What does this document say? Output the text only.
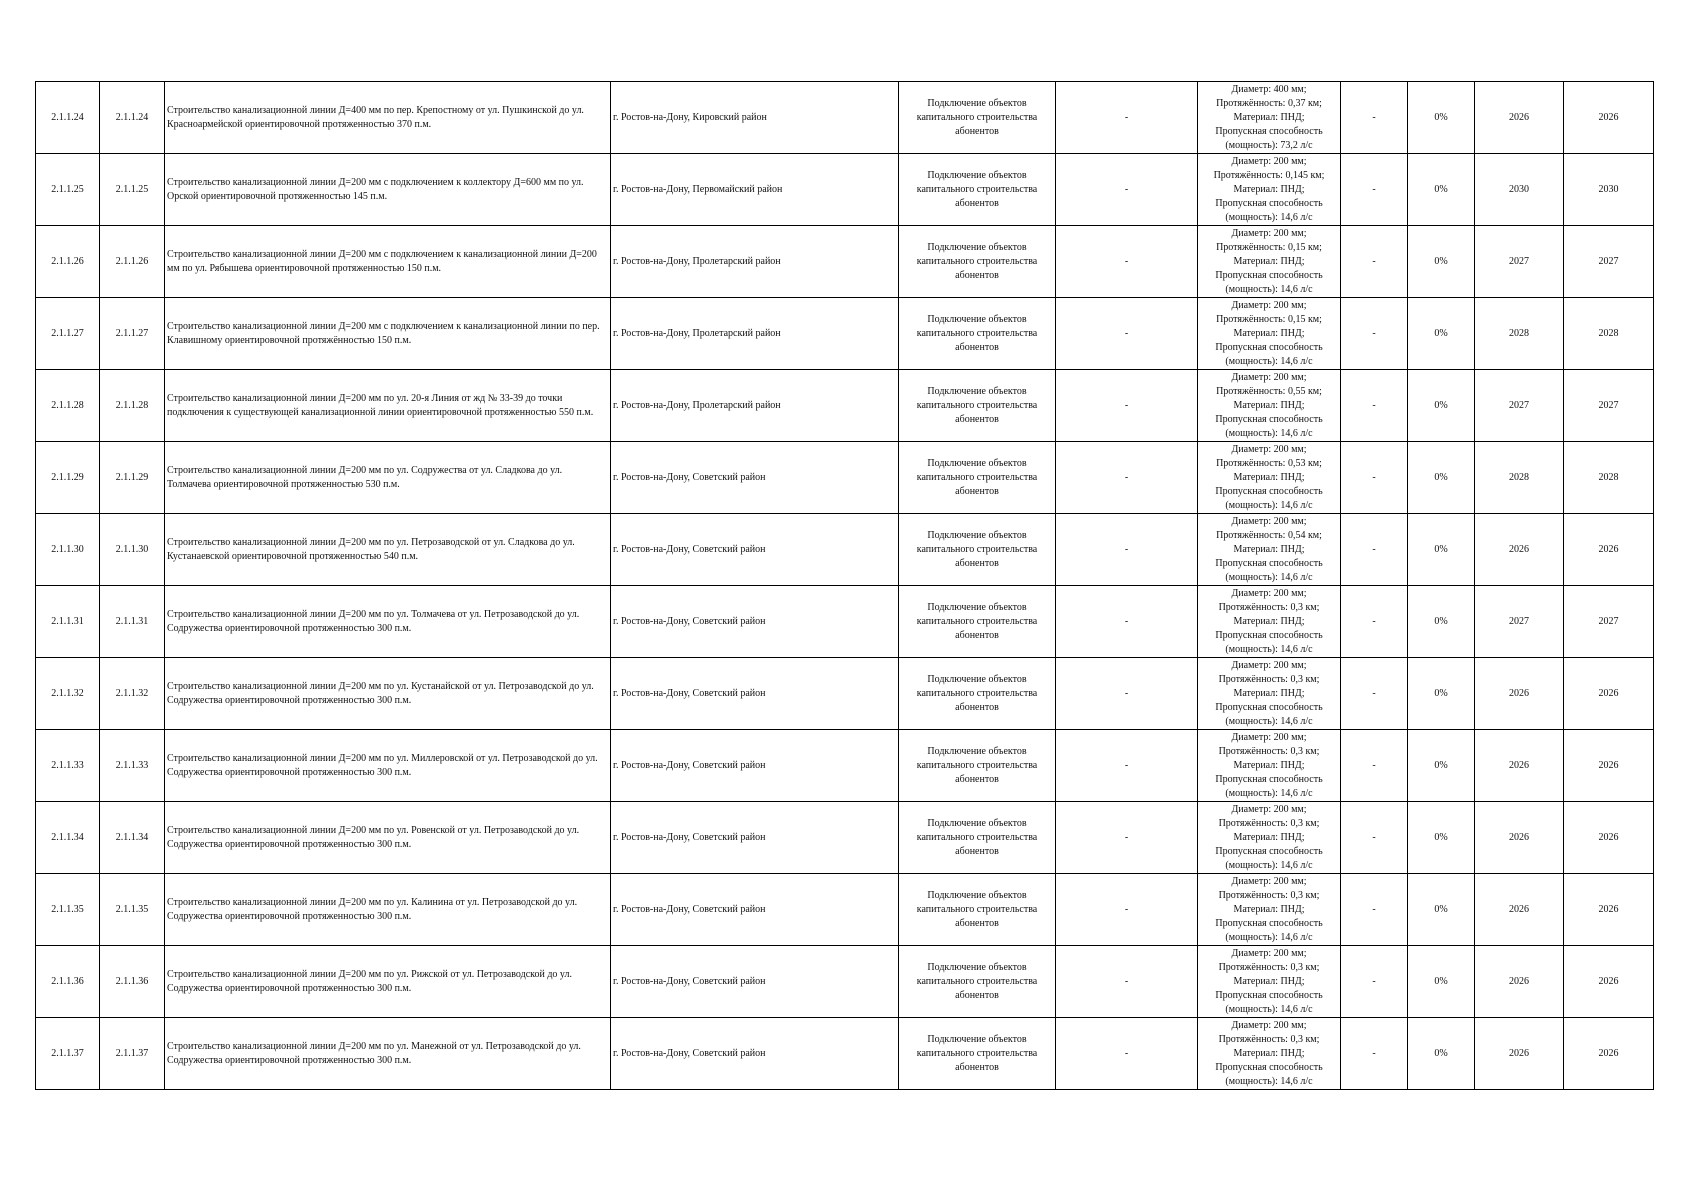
2.1.1.24	2.1.1.24	Строительство канализационной линии Д=400 мм по пер. Крепостному от ул. Пушкинской до ул. Красноармейской ориентировочной протяженностью 370 п.м.	г. Ростов-на-Дону, Кировский район	Подключение объектов капитального строительства абонентов	-	Диаметр: 400 мм;
Протяжённость: 0,37 км;
Материал: ПНД;
Пропускная способность
(мощность): 73,2 л/с	-	0%	2026	2026
2.1.1.25	2.1.1.25	Строительство канализационной линии Д=200 мм с подключением к коллектору Д=600 мм по ул. Орской ориентировочной протяженностью 145 п.м.	г. Ростов-на-Дону, Первомайский район	Подключение объектов капитального строительства абонентов	-	Диаметр: 200 мм;
Протяжённость: 0,145 км;
Материал: ПНД;
Пропускная способность
(мощность): 14,6 л/с	-	0%	2030	2030
2.1.1.26	2.1.1.26	Строительство канализационной линии Д=200 мм с подключением к канализационной линии Д=200 мм по ул. Рябышева ориентировочной протяженностью 150 п.м.	г. Ростов-на-Дону, Пролетарский район	Подключение объектов капитального строительства абонентов	-	Диаметр: 200 мм;
Протяжённость: 0,15 км;
Материал: ПНД;
Пропускная способность
(мощность): 14,6 л/с	-	0%	2027	2027
2.1.1.27	2.1.1.27	Строительство канализационной линии Д=200 мм с подключением к канализационной линии по пер. Клавишному ориентировочной протяжённостью 150 п.м.	г. Ростов-на-Дону, Пролетарский район	Подключение объектов капитального строительства абонентов	-	Диаметр: 200 мм;
Протяжённость: 0,15 км;
Материал: ПНД;
Пропускная способность
(мощность): 14,6 л/с	-	0%	2028	2028
2.1.1.28	2.1.1.28	Строительство канализационной линии Д=200 мм по ул. 20-я Линия от жд № 33-39 до точки подключения к существующей канализационной линии ориентировочной протяженностью 550 п.м.	г. Ростов-на-Дону, Пролетарский район	Подключение объектов капитального строительства абонентов	-	Диаметр: 200 мм;
Протяжённость: 0,55 км;
Материал: ПНД;
Пропускная способность
(мощность): 14,6 л/с	-	0%	2027	2027
2.1.1.29	2.1.1.29	Строительство канализационной линии Д=200 мм по ул. Содружества от ул. Сладкова до ул. Толмачева ориентировочной протяженностью 530 п.м.	г. Ростов-на-Дону, Советский район	Подключение объектов капитального строительства абонентов	-	Диаметр: 200 мм;
Протяжённость: 0,53 км;
Материал: ПНД;
Пропускная способность
(мощность): 14,6 л/с	-	0%	2028	2028
2.1.1.30	2.1.1.30	Строительство канализационной линии Д=200 мм по ул. Петрозаводской от ул. Сладкова до ул. Кустанаевской ориентировочной протяженностью 540 п.м.	г. Ростов-на-Дону, Советский район	Подключение объектов капитального строительства абонентов	-	Диаметр: 200 мм;
Протяжённость: 0,54 км;
Материал: ПНД;
Пропускная способность
(мощность): 14,6 л/с	-	0%	2026	2026
2.1.1.31	2.1.1.31	Строительство канализационной линии Д=200 мм по ул. Толмачева от ул. Петрозаводской до ул. Содружества ориентировочной протяженностью 300 п.м.	г. Ростов-на-Дону, Советский район	Подключение объектов капитального строительства абонентов	-	Диаметр: 200 мм;
Протяжённость: 0,3 км;
Материал: ПНД;
Пропускная способность
(мощность): 14,6 л/с	-	0%	2027	2027
2.1.1.32	2.1.1.32	Строительство канализационной линии Д=200 мм по ул. Кустанайской от ул. Петрозаводской до ул. Содружества ориентировочной протяженностью 300 п.м.	г. Ростов-на-Дону, Советский район	Подключение объектов капитального строительства абонентов	-	Диаметр: 200 мм;
Протяжённость: 0,3 км;
Материал: ПНД;
Пропускная способность
(мощность): 14,6 л/с	-	0%	2026	2026
2.1.1.33	2.1.1.33	Строительство канализационной линии Д=200 мм по ул. Миллеровской от ул. Петрозаводской до ул. Содружества ориентировочной протяженностью 300 п.м.	г. Ростов-на-Дону, Советский район	Подключение объектов капитального строительства абонентов	-	Диаметр: 200 мм;
Протяжённость: 0,3 км;
Материал: ПНД;
Пропускная способность
(мощность): 14,6 л/с	-	0%	2026	2026
2.1.1.34	2.1.1.34	Строительство канализационной линии Д=200 мм по ул. Ровенской от ул. Петрозаводской до ул. Содружества ориентировочной протяженностью 300 п.м.	г. Ростов-на-Дону, Советский район	Подключение объектов капитального строительства абонентов	-	Диаметр: 200 мм;
Протяжённость: 0,3 км;
Материал: ПНД;
Пропускная способность
(мощность): 14,6 л/с	-	0%	2026	2026
2.1.1.35	2.1.1.35	Строительство канализационной линии Д=200 мм по ул. Калинина от ул. Петрозаводской до ул. Содружества ориентировочной протяженностью 300 п.м.	г. Ростов-на-Дону, Советский район	Подключение объектов капитального строительства абонентов	-	Диаметр: 200 мм;
Протяжённость: 0,3 км;
Материал: ПНД;
Пропускная способность
(мощность): 14,6 л/с	-	0%	2026	2026
2.1.1.36	2.1.1.36	Строительство канализационной линии Д=200 мм по ул. Рижской от ул. Петрозаводской до ул. Содружества ориентировочной протяженностью 300 п.м.	г. Ростов-на-Дону, Советский район	Подключение объектов капитального строительства абонентов	-	Диаметр: 200 мм;
Протяжённость: 0,3 км;
Материал: ПНД;
Пропускная способность
(мощность): 14,6 л/с	-	0%	2026	2026
2.1.1.37	2.1.1.37	Строительство канализационной линии Д=200 мм по ул. Манежной от ул. Петрозаводской до ул. Содружества ориентировочной протяженностью 300 п.м.	г. Ростов-на-Дону, Советский район	Подключение объектов капитального строительства абонентов	-	Диаметр: 200 мм;
Протяжённость: 0,3 км;
Материал: ПНД;
Пропускная способность
(мощность): 14,6 л/с	-	0%	2026	2026
